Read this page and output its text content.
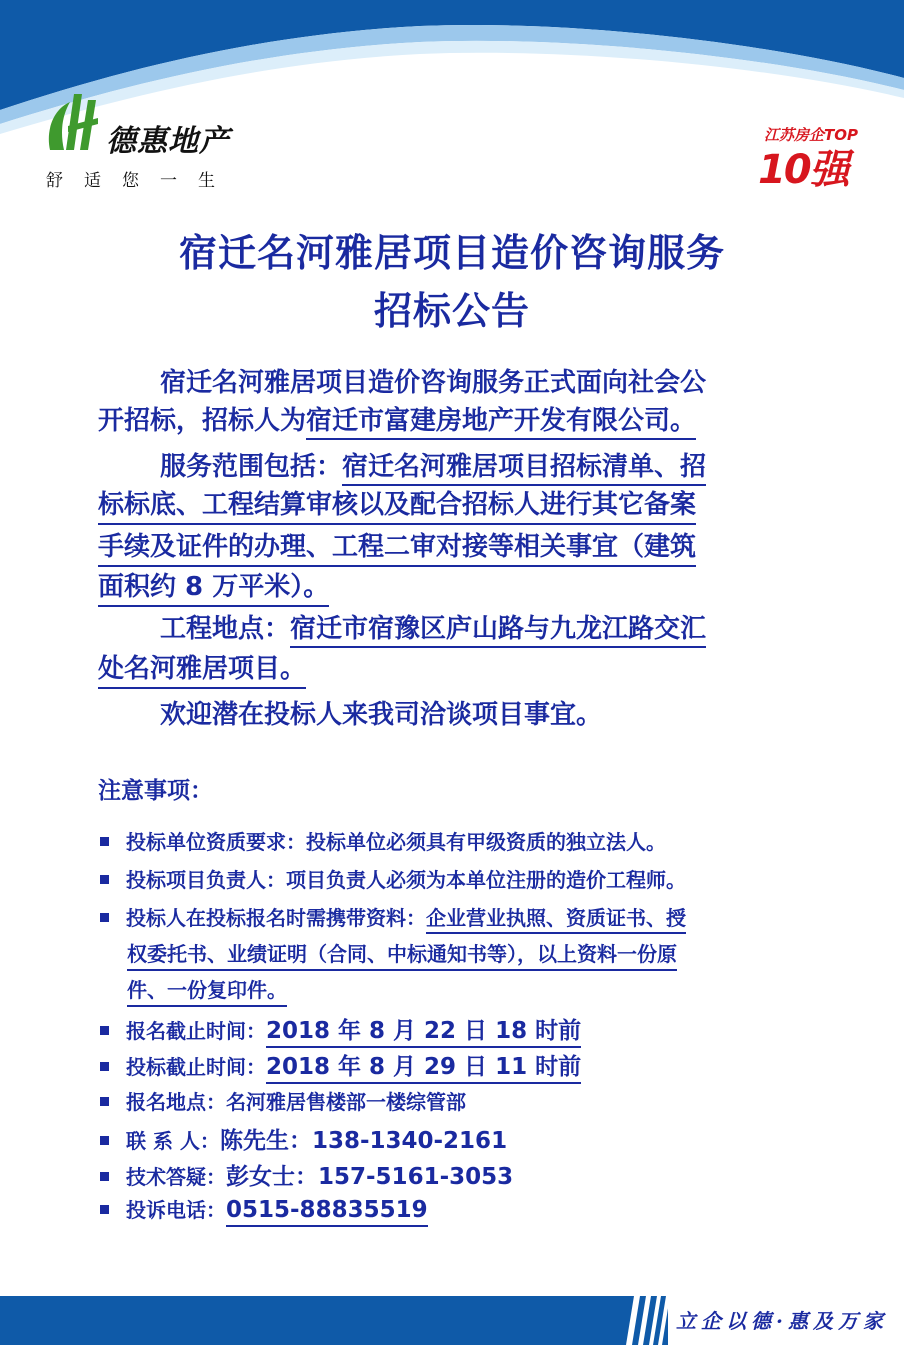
德惠地产
舒适您一生
江苏房企TOP
10强
宿迁名河雅居项目造价咨询服务
招标公告
宿迁名河雅居项目造价咨询服务正式面向社会公
开招标，招标人为宿迁市富建房地产开发有限公司。
服务范围包括：宿迁名河雅居项目招标清单、招
标标底、工程结算审核以及配合招标人进行其它备案
手续及证件的办理、工程二审对接等相关事宜（建筑
面积约 8 万平米）。
工程地点：宿迁市宿豫区庐山路与九龙江路交汇
处名河雅居项目。
欢迎潜在投标人来我司洽谈项目事宜。
注意事项：
投标单位资质要求：投标单位必须具有甲级资质的独立法人。
投标项目负责人：项目负责人必须为本单位注册的造价工程师。
投标人在投标报名时需携带资料：企业营业执照、资质证书、授
权委托书、业绩证明（合同、中标通知书等），以上资料一份原
件、一份复印件。
报名截止时间：2018 年 8 月 22 日 18 时前
投标截止时间：2018 年 8 月 29 日 11 时前
报名地点：名河雅居售楼部一楼综管部
联 系 人：陈先生：138-1340-2161
技术答疑：彭女士：157-5161-3053
投诉电话：0515-88835519
立企以德·惠及万家
